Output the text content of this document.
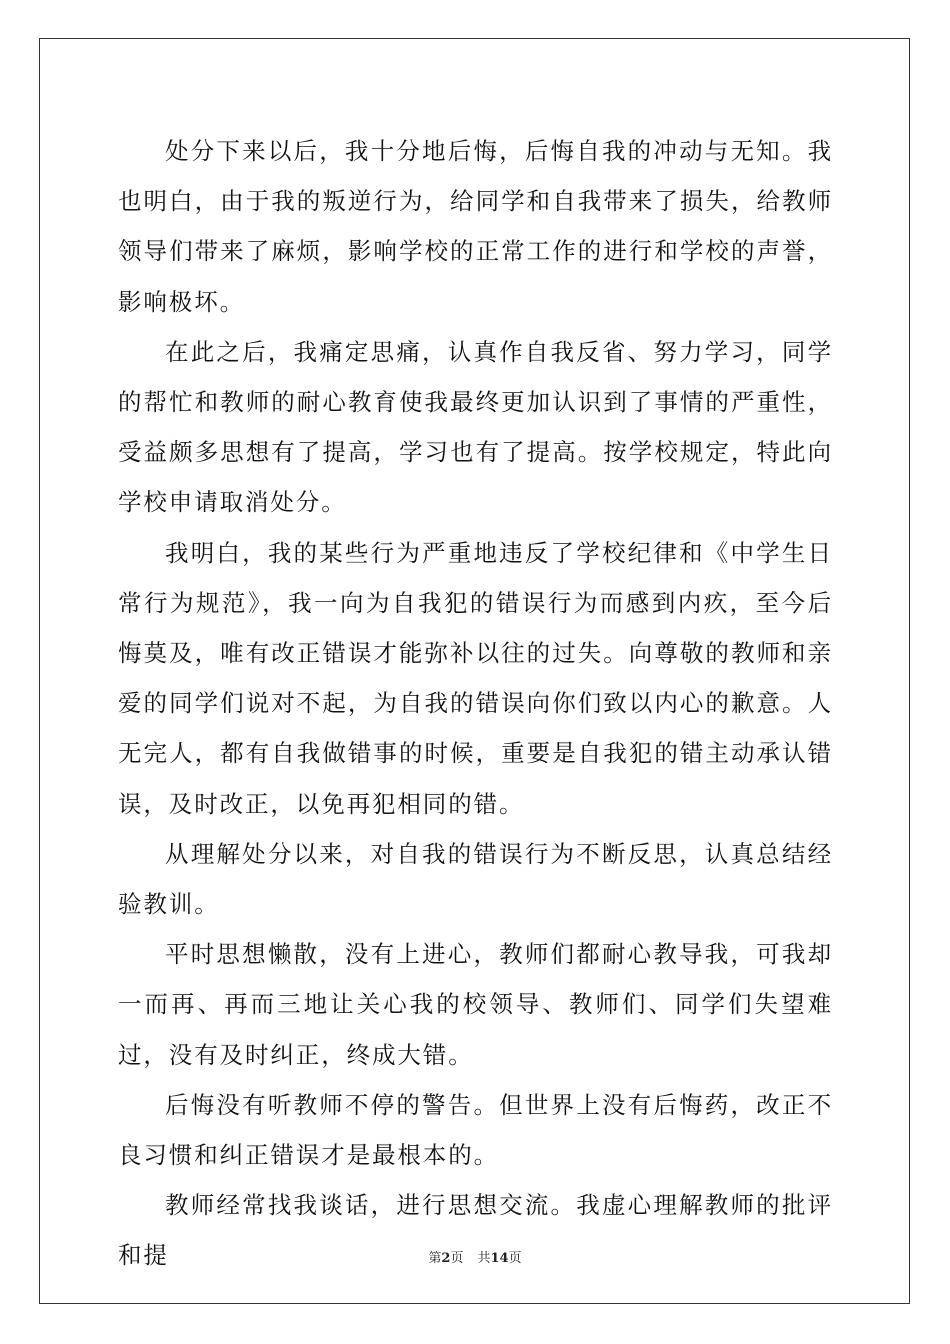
处分下来以后，我十分地后悔，后悔自我的冲动与无知。我也明白，由于我的叛逆行为，给同学和自我带来了损失，给教师领导们带来了麻烦，影响学校的正常工作的进行和学校的声誉，影响极坏。

在此之后，我痛定思痛，认真作自我反省、努力学习，同学的帮忙和教师的耐心教育使我最终更加认识到了事情的严重性，受益颇多思想有了提高，学习也有了提高。按学校规定，特此向学校申请取消处分。

我明白，我的某些行为严重地违反了学校纪律和《中学生日常行为规范》，我一向为自我犯的错误行为而感到内疚，至今后悔莫及，唯有改正错误才能弥补以往的过失。向尊敬的教师和亲爱的同学们说对不起，为自我的错误向你们致以内心的歉意。人无完人，都有自我做错事的时候，重要是自我犯的错主动承认错误，及时改正，以免再犯相同的错。

从理解处分以来，对自我的错误行为不断反思，认真总结经验教训。

平时思想懒散，没有上进心，教师们都耐心教导我，可我却一而再、再而三地让关心我的校领导、教师们、同学们失望难过，没有及时纠正，终成大错。

后悔没有听教师不停的警告。但世界上没有后悔药，改正不良习惯和纠正错误才是最根本的。

教师经常找我谈话，进行思想交流。我虚心理解教师的批评和提	第2页 共14页
